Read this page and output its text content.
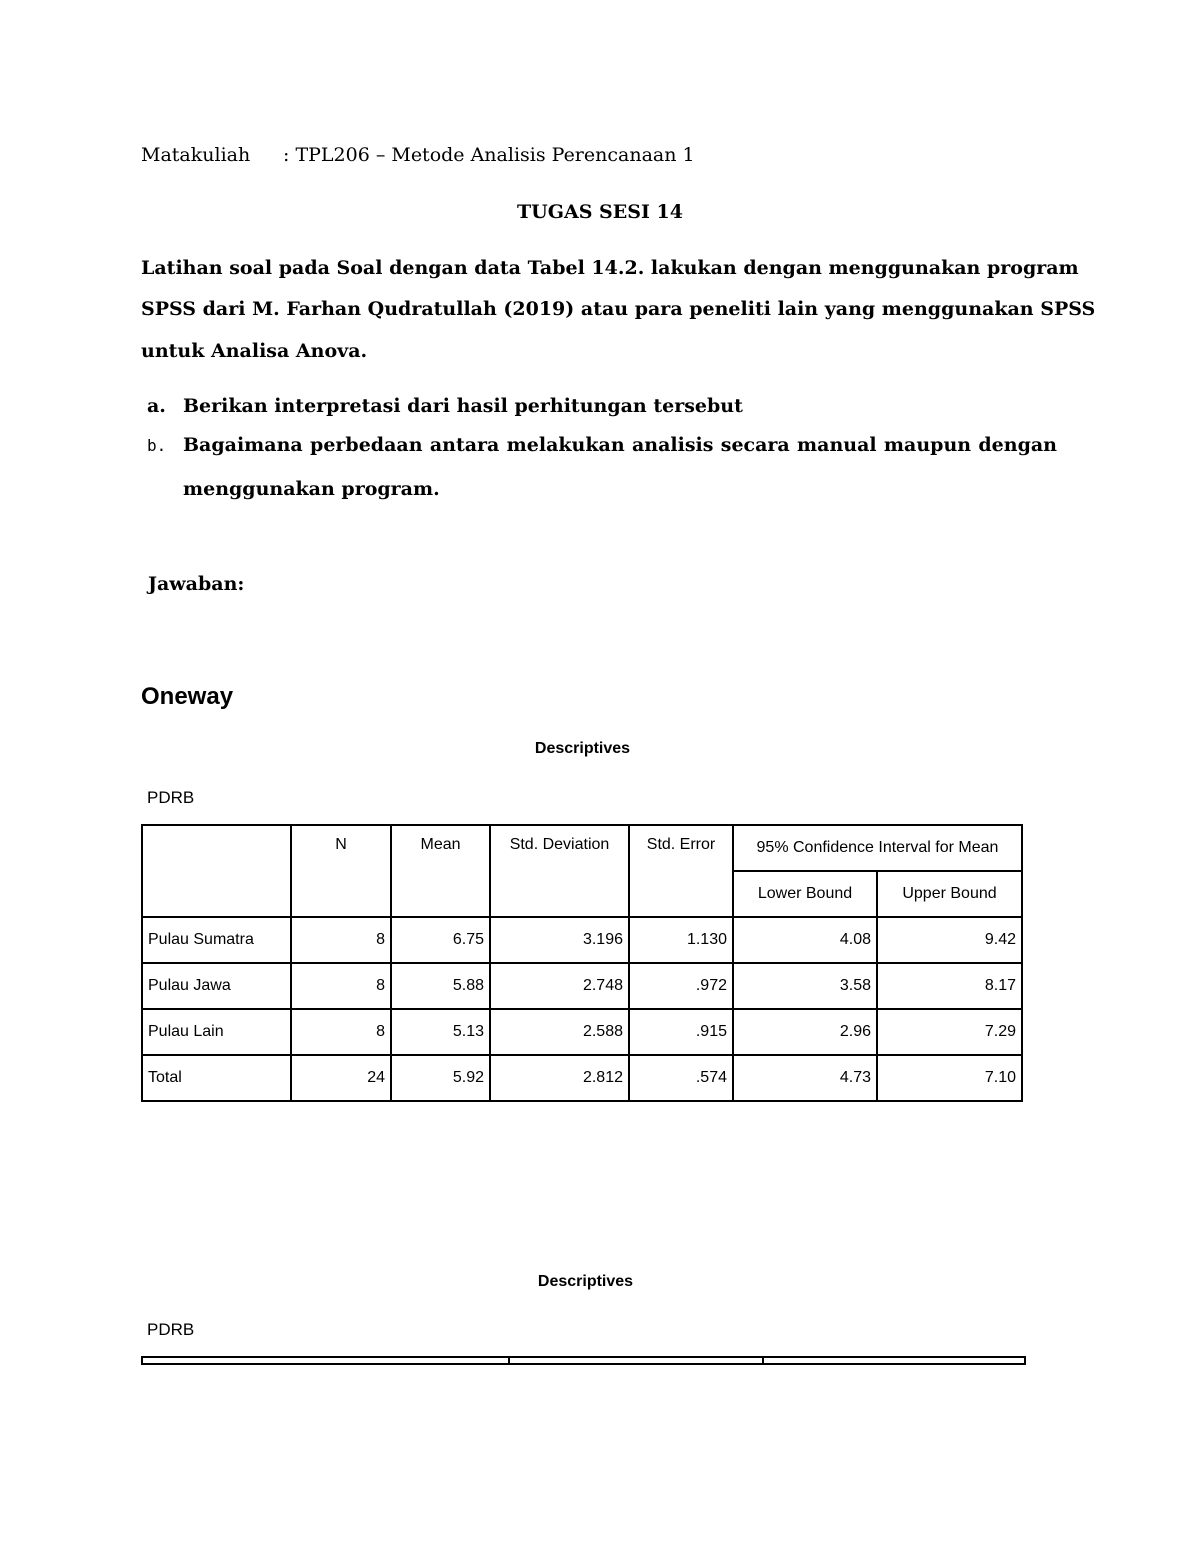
Matakuliah : TPL206 – Metode Analisis Perencanaan 1
TUGAS SESI 14
Latihan soal pada Soal dengan data Tabel 14.2. lakukan dengan menggunakan program
SPSS dari M. Farhan Qudratullah (2019) atau para peneliti lain yang menggunakan SPSS
untuk Analisa Anova.
a. Berikan interpretasi dari hasil perhitungan tersebut
b. Bagaimana perbedaan antara melakukan analisis secara manual maupun dengan
menggunakan program.
Jawaban:
Oneway
Descriptives
PDRB
	N	Mean	Std. Deviation	Std. Error	95% Confidence Interval for Mean	
					Lower Bound	Upper Bound
Pulau Sumatra	8	6.75	3.196	1.130	4.08	9.42
Pulau Jawa	8	5.88	2.748	.972	3.58	8.17
Pulau Lain	8	5.13	2.588	.915	2.96	7.29
Total	24	5.92	2.812	.574	4.73	7.10
Descriptives
PDRB
